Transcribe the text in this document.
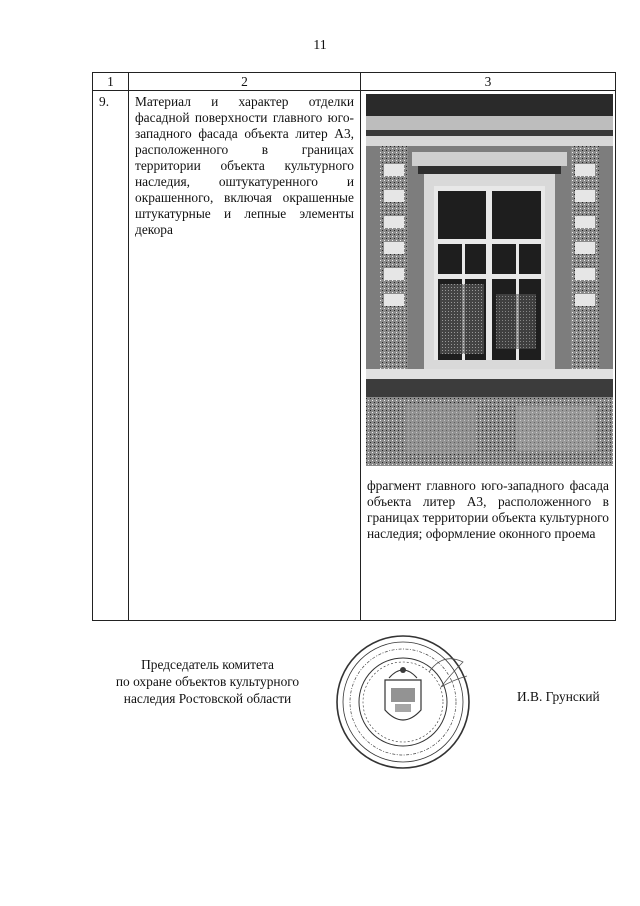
11
1	2	3
9.	Материал и характер отделки фасадной поверхности главного юго-западного фасада объекта литер А3, расположенного в границах территории объекта культурного наследия, оштукатуренного и окрашенного, включая окрашенные штукатурные и лепные элементы декора	фрагмент главного юго-западного фасада объекта литер А3, расположенного в границах территории объекта культурного наследия; оформление оконного проема
Председатель комитета
по охране объектов культурного
наследия Ростовской области	И.В. Грунский
